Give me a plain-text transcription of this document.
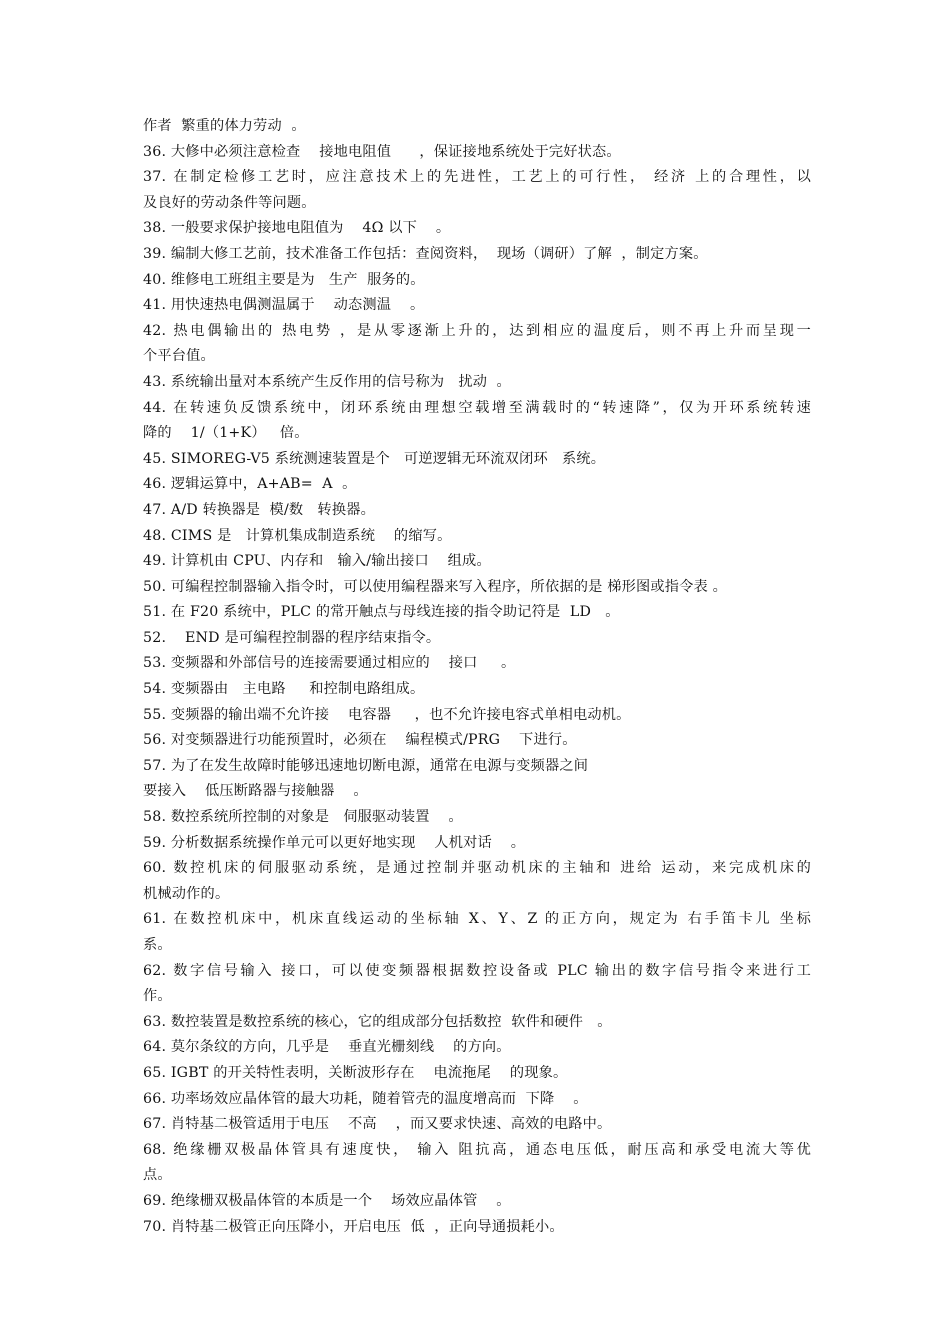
作者  繁重的体力劳动  。
36. 大修中必须注意检查    接地电阻值      ，保证接地系统处于完好状态。
37. 在制定检修工艺时，应注意技术上的先进性，工艺上的可行性， 经济 上的合理性，以
及良好的劳动条件等问题。
38. 一般要求保护接地电阻值为    4Ω 以下    。
39. 编制大修工艺前，技术准备工作包括：查阅资料，  现场（调研）了解  ，制定方案。
40. 维修电工班组主要是为   生产  服务的。
41. 用快速热电偶测温属于    动态测温    。
42. 热电偶输出的 热电势 ，是从零逐渐上升的，达到相应的温度后，则不再上升而呈现一
个平台值。
43. 系统输出量对本系统产生反作用的信号称为   扰动  。
44. 在转速负反馈系统中，闭环系统由理想空载增至满载时的“转速降”，仅为开环系统转速
降的    1/（1+K）   倍。
45. SIMOREG-V5 系统测速装置是个   可逆逻辑无环流双闭环   系统。
46. 逻辑运算中，A+AB=  A  。
47. A/D 转换器是  模/数   转换器。
48. CIMS 是   计算机集成制造系统    的缩写。
49. 计算机由 CPU、内存和   输入/输出接口    组成。
50. 可编程控制器输入指令时，可以使用编程器来写入程序，所依据的是 梯形图或指令表 。
51. 在 F20 系统中，PLC 的常开触点与母线连接的指令助记符是  LD   。
52.    END 是可编程控制器的程序结束指令。
53. 变频器和外部信号的连接需要通过相应的    接口     。
54. 变频器由   主电路     和控制电路组成。
55. 变频器的输出端不允许接    电容器     ，也不允许接电容式单相电动机。
56. 对变频器进行功能预置时，必须在    编程模式/PRG    下进行。
57. 为了在发生故障时能够迅速地切断电源，通常在电源与变频器之间
要接入    低压断路器与接触器    。
58. 数控系统所控制的对象是   伺服驱动装置    。
59. 分析数据系统操作单元可以更好地实现    人机对话    。
60. 数控机床的伺服驱动系统，是通过控制并驱动机床的主轴和 进给 运动，来完成机床的
机械动作的。
61. 在数控机床中，机床直线运动的坐标轴 X、Y、Z 的正方向，规定为 右手笛卡儿 坐标
系。
62. 数字信号输入 接口，可以使变频器根据数控设备或 PLC 输出的数字信号指令来进行工
作。
63. 数控装置是数控系统的核心，它的组成部分包括数控  软件和硬件   。
64. 莫尔条纹的方向，几乎是    垂直光栅刻线    的方向。
65. IGBT 的开关特性表明，关断波形存在    电流拖尾    的现象。
66. 功率场效应晶体管的最大功耗，随着管壳的温度增高而  下降    。
67. 肖特基二极管适用于电压    不高    ，而又要求快速、高效的电路中。
68. 绝缘栅双极晶体管具有速度快， 输入 阻抗高，通态电压低，耐压高和承受电流大等优
点。
69. 绝缘栅双极晶体管的本质是一个    场效应晶体管    。
70. 肖特基二极管正向压降小，开启电压  低  ，正向导通损耗小。
